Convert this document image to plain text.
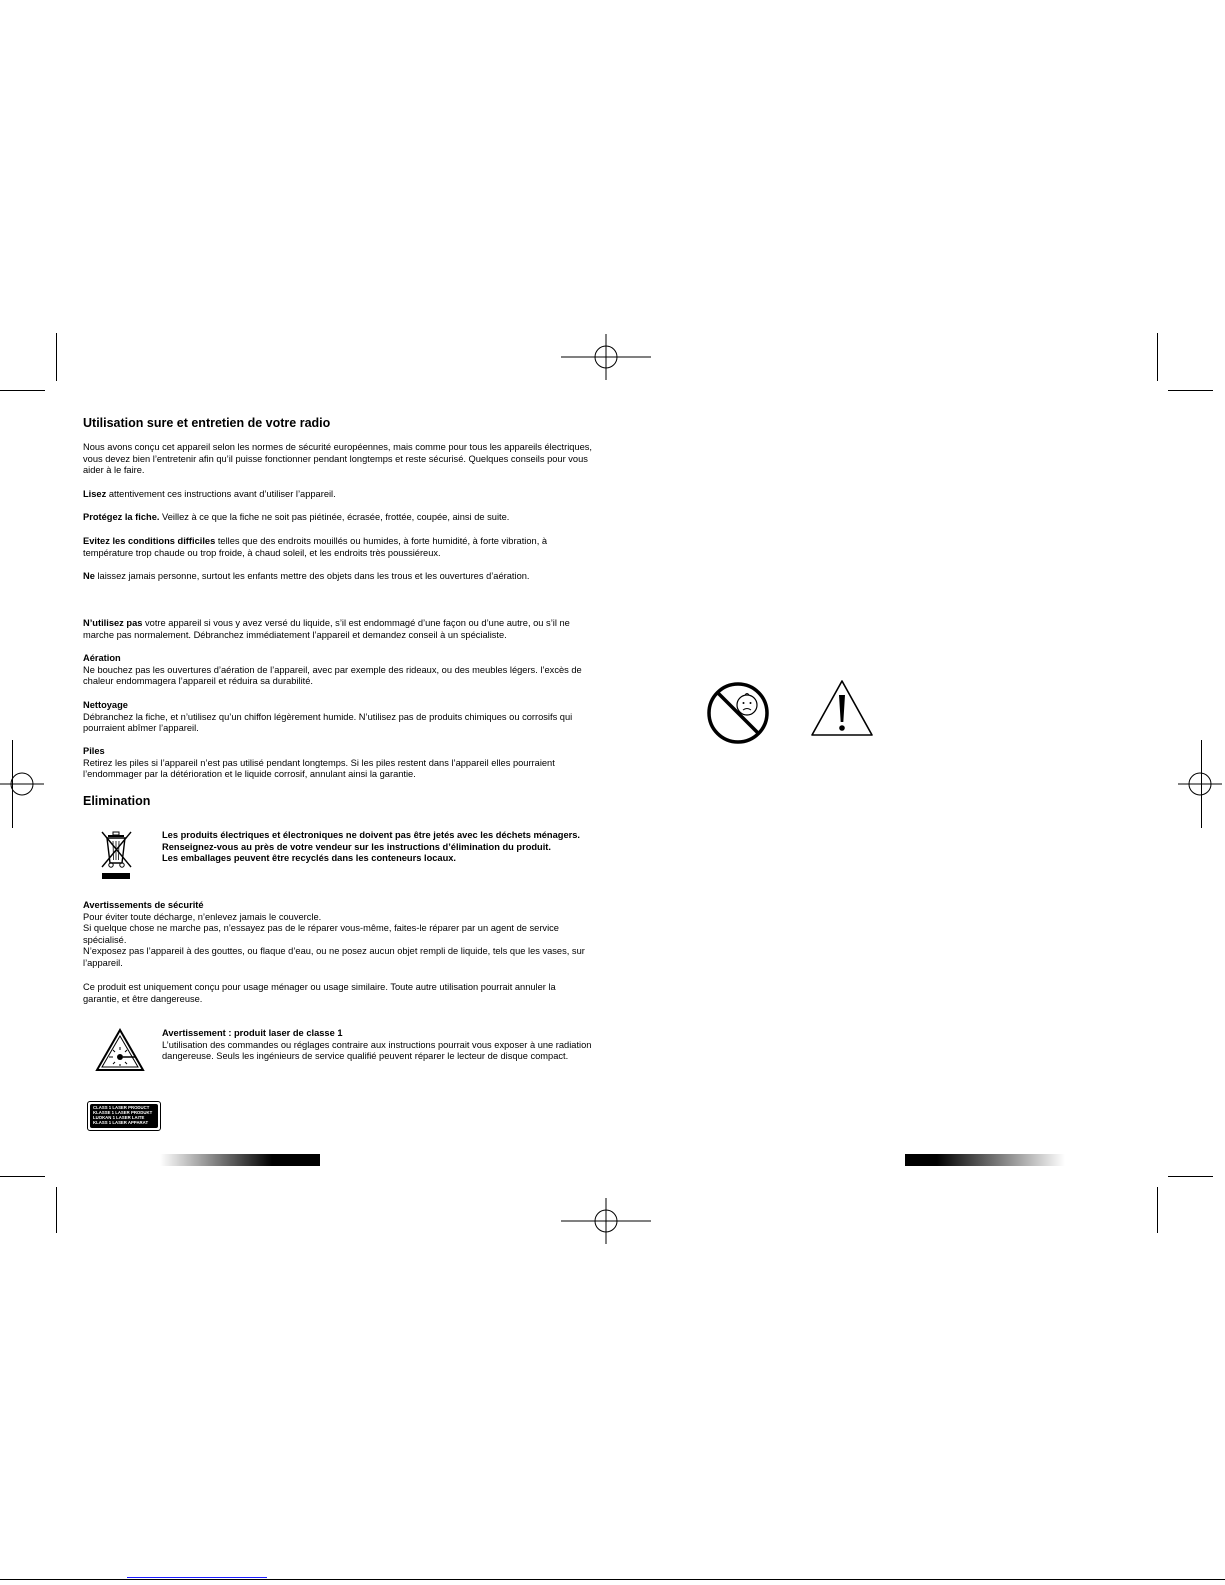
Utilisation sure et entretien de votre radio
Nous avons conçu cet appareil selon les normes de sécurité européennes, mais comme pour tous les appareils électriques, vous devez bien l’entretenir afin qu’il puisse fonctionner pendant longtemps et reste sécurisé. Quelques conseils pour vous aider à le faire.
Lisez attentivement ces instructions avant d’utiliser l’appareil.
Protégez la fiche. Veillez à ce que la fiche ne soit pas piétinée, écrasée, frottée, coupée, ainsi de suite.
Evitez les conditions difficiles telles que des endroits mouillés ou humides, à forte humidité, à forte vibration, à température trop chaude ou trop froide, à chaud soleil, et les endroits très poussiéreux.
Ne laissez jamais personne, surtout les enfants mettre des objets dans les trous et les ouvertures d’aération.
N’utilisez pas votre appareil si vous y avez versé du liquide, s’il est endommagé d’une façon ou d’une autre, ou s’il ne marche pas normalement. Débranchez immédiatement l’appareil et demandez conseil à un spécialiste.
Aération
Ne bouchez pas les ouvertures d’aération de l’appareil, avec par exemple des rideaux, ou des meubles légers. l’excès de chaleur endommagera l’appareil et réduira sa durabilité.
Nettoyage
Débranchez la fiche, et n’utilisez qu’un chiffon légèrement humide. N’utilisez pas de produits chimiques ou corrosifs qui pourraient abîmer l’appareil.
Piles
Retirez les piles si l’appareil n’est pas utilisé pendant longtemps. Si les piles restent dans l’appareil elles pourraient l’endommager par la détérioration et le liquide corrosif, annulant ainsi la garantie.
Elimination
Les produits électriques et électroniques ne doivent pas être jetés avec les déchets ménagers. Renseignez-vous au près de votre vendeur sur les instructions d’élimination du produit.
Les emballages peuvent être recyclés dans les conteneurs locaux.
Avertissements de sécurité
Pour éviter toute décharge, n’enlevez jamais le couvercle.
Si quelque chose ne marche pas, n’essayez pas de le réparer vous-même, faites-le réparer par un agent de service spécialisé.
N’exposez pas l’appareil à des gouttes, ou flaque d’eau, ou ne posez aucun objet rempli de liquide, tels que les vases, sur l’appareil.
Ce produit est uniquement conçu pour usage ménager ou usage similaire. Toute autre utilisation pourrait annuler la garantie, et être dangereuse.
Avertissement : produit laser de classe 1
L’utilisation des commandes ou réglages contraire aux instructions pourrait vous exposer à une radiation dangereuse. Seuls les ingénieurs de service qualifié peuvent réparer le lecteur de disque compact.
CLASS 1 LASER PRODUCT
KLASSE 1 LASER PRODUKT
LUOKAN 1 LASER LAITE
KLASS 1 LASER APPARAT
